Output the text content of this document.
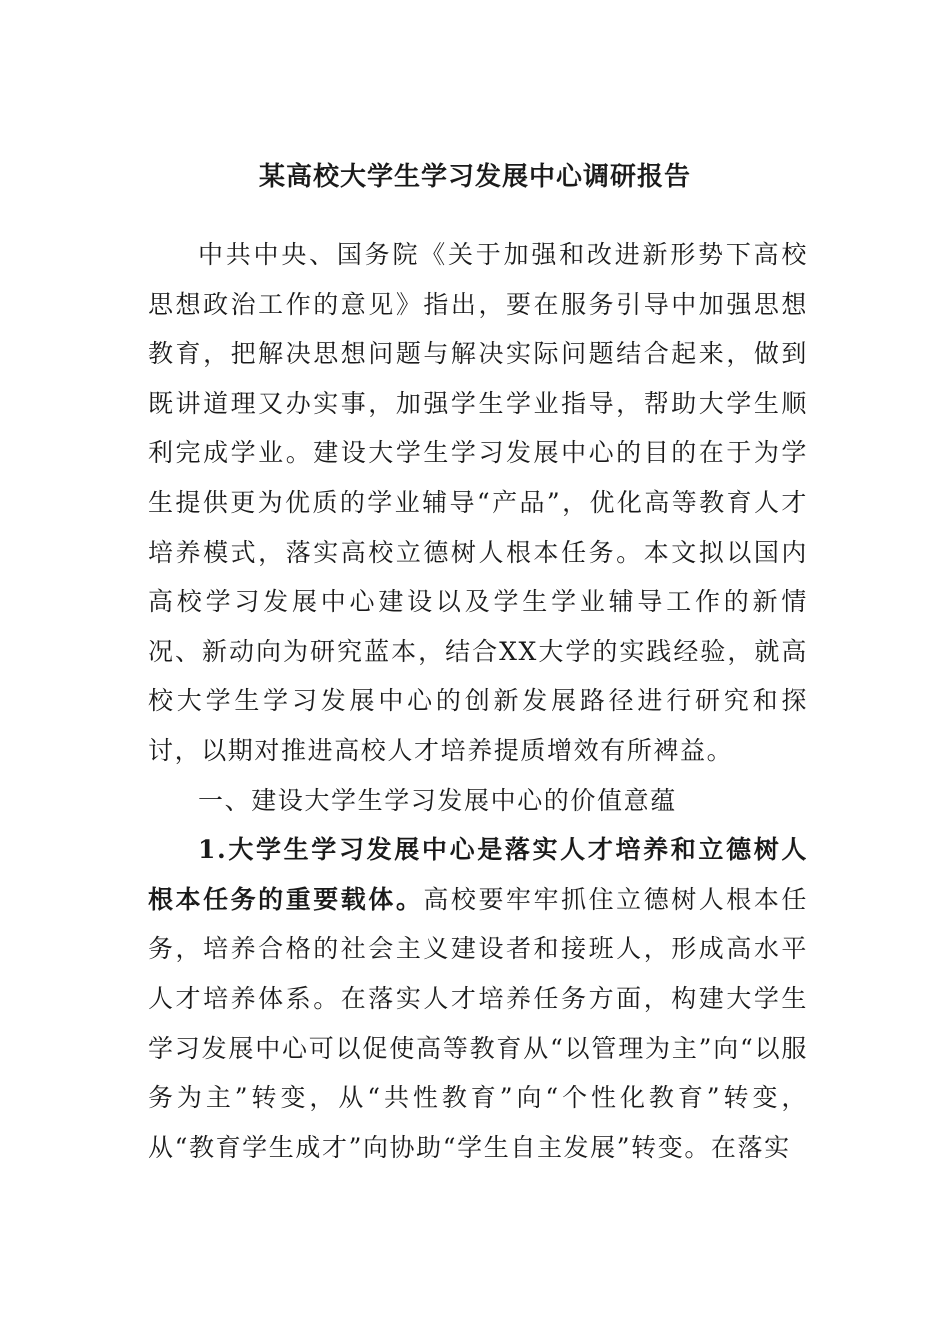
某高校大学生学习发展中心调研报告

中共中央、国务院《关于加强和改进新形势下高校思想政治工作的意见》指出，要在服务引导中加强思想教育，把解决思想问题与解决实际问题结合起来，做到既讲道理又办实事，加强学生学业指导，帮助大学生顺利完成学业。建设大学生学习发展中心的目的在于为学生提供更为优质的学业辅导“产品”，优化高等教育人才培养模式，落实高校立德树人根本任务。本文拟以国内高校学习发展中心建设以及学生学业辅导工作的新情况、新动向为研究蓝本，结合XX大学的实践经验，就高校大学生学习发展中心的创新发展路径进行研究和探讨，以期对推进高校人才培养提质增效有所裨益。

一、建设大学生学习发展中心的价值意蕴

1.大学生学习发展中心是落实人才培养和立德树人根本任务的重要载体。高校要牢牢抓住立德树人根本任务，培养合格的社会主义建设者和接班人，形成高水平人才培养体系。在落实人才培养任务方面，构建大学生学习发展中心可以促使高等教育从“以管理为主”向“以服务为主”转变，从“共性教育”向“个性化教育”转变，从“教育学生成才”向协助“学生自主发展”转变。在落实
